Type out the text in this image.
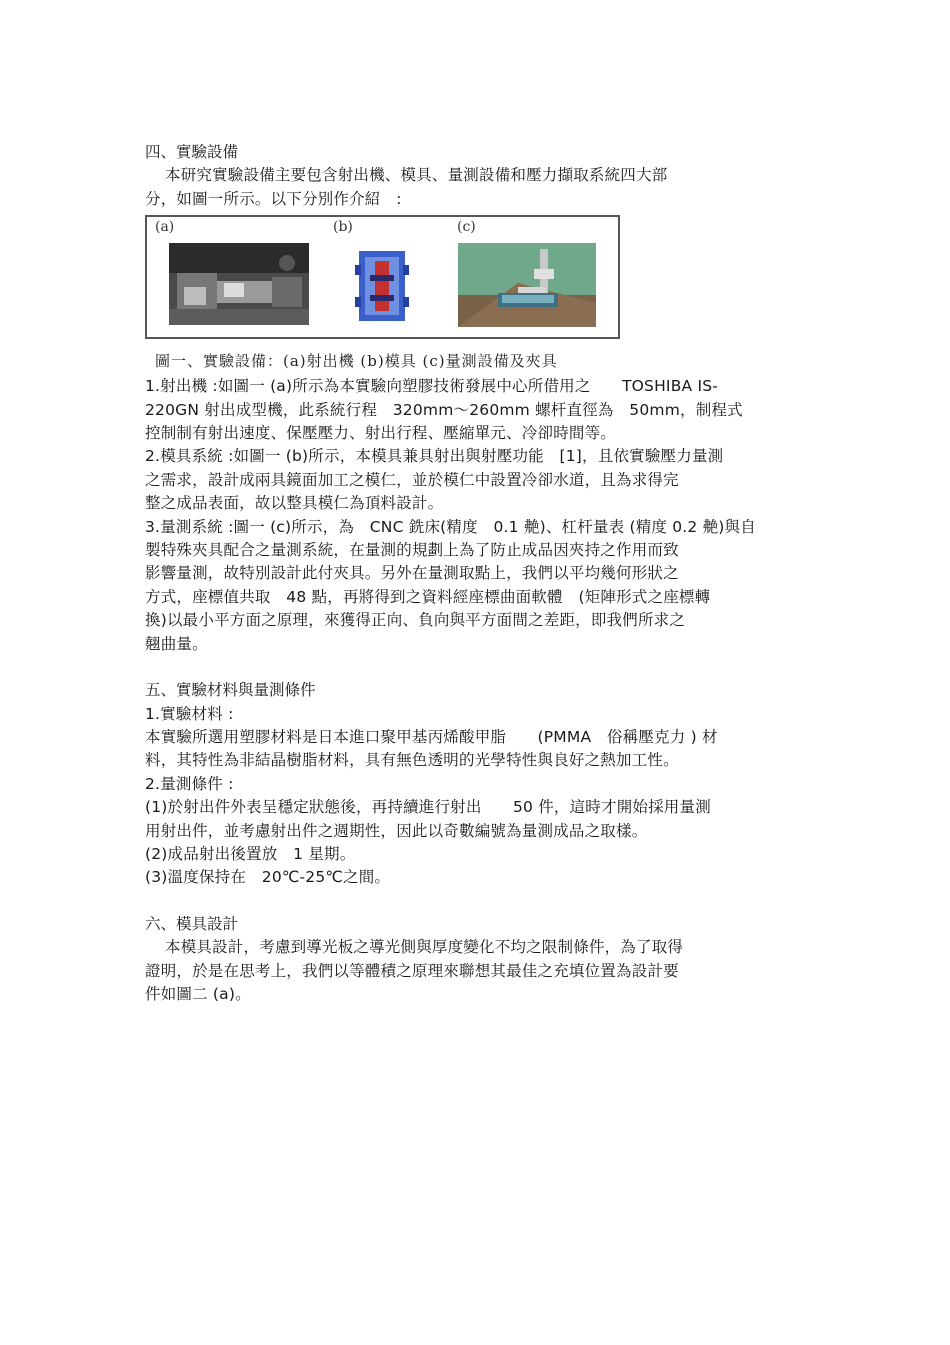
四、實驗設備
本研究實驗設備主要包含射出機、模具、量測設備和壓力擷取系統四大部
分，如圖一所示。以下分別作介紹　:
(a)	(b)	(c)
圖一、實驗設備：(a)射出機 (b)模具 (c)量測設備及夾具
1.射出機 :如圖一 (a)所示為本實驗向塑膠技術發展中心所借用之　　TOSHIBA IS-
220GN 射出成型機，此系統行程　320mm～260mm 螺杆直徑為　50mm，制程式
控制制有射出速度、保壓壓力、射出行程、壓縮單元、冷卻時間等。
2.模具系統 :如圖一 (b)所示，本模具兼具射出與射壓功能　[1]，且依實驗壓力量測
之需求，設計成兩具鏡面加工之模仁，並於模仁中設置冷卻水道，且為求得完
整之成品表面，故以整具模仁為頂料設計。
3.量測系統 :圖一 (c)所示，為　CNC 銑床(精度　0.1 艴)、杠杆量表 (精度 0.2 艴)與自
製特殊夾具配合之量測系統，在量測的規劃上為了防止成品因夾持之作用而致
影響量測，故特別設計此付夾具。另外在量測取點上，我們以平均幾何形狀之
方式，座標值共取　48 點，再將得到之資料經座標曲面軟體　(矩陣形式之座標轉
換)以最小平方面之原理，來獲得正向、負向與平方面間之差距，即我們所求之
翹曲量。
五、實驗材料與量測條件
1.實驗材料 :
本實驗所選用塑膠材料是日本進口聚甲基丙烯酸甲脂　　(PMMA　俗稱壓克力 ) 材
料，其特性為非結晶樹脂材料，具有無色透明的光學特性與良好之熱加工性。
2.量測條件 :
(1)於射出件外表呈穩定狀態後，再持續進行射出　　50 件，這時才開始採用量測
用射出件，並考慮射出件之週期性，因此以奇數編號為量測成品之取樣。
(2)成品射出後置放　1 星期。
(3)溫度保持在　20℃-25℃之間。
六、模具設計
本模具設計，考慮到導光板之導光側與厚度變化不均之限制條件，為了取得
證明，於是在思考上，我們以等體積之原理來聯想其最佳之充填位置為設計要
件如圖二 (a)。
